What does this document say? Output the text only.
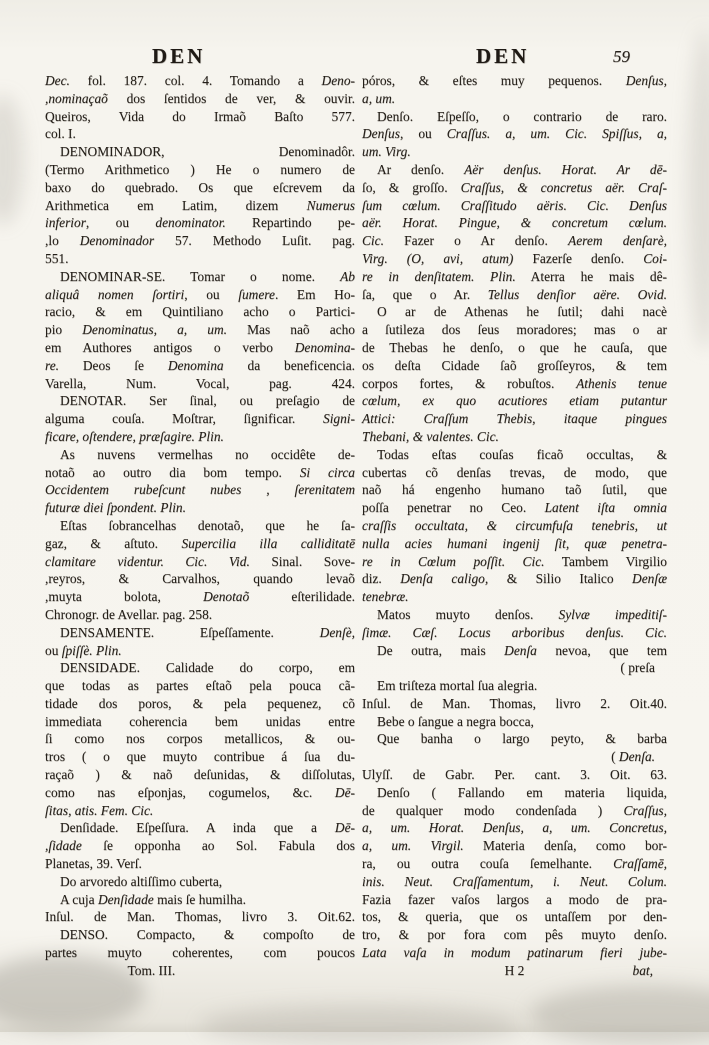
DEN	DEN	59
Dec. fol. 187. col. 4. Tomando a Deno-
,nominaçaõ dos ſentidos de ver, & ouvir.
Queiros, Vida do Irmaõ Baſto 577.
col. I.
DENOMINADOR, Denominadôr.
(Termo Arithmetico ) He o numero de
baxo do quebrado. Os que eſcrevem da
Arithmetica em Latim, dizem Numerus
inferior, ou denominator. Repartindo pe-
,lo Denominador 57. Methodo Luſit. pag.
551.
DENOMINAR-SE. Tomar o nome. Ab
aliquâ nomen ſortiri, ou ſumere. Em Ho-
racio, & em Quintiliano acho o Partici-
pio Denominatus, a, um. Mas naõ acho
em Authores antigos o verbo Denomina-
re. Deos ſe Denomina da beneficencia.
Varella, Num. Vocal, pag. 424.
DENOTAR. Ser ſinal, ou preſagio de
alguma couſa. Moſtrar, ſignificar. Signi-
ficare, oſtendere, præſagire. Plin.
As nuvens vermelhas no occidête de-
notaõ ao outro dia bom tempo. Si circa
Occidentem rubeſcunt nubes , ſerenitatem
futuræ diei ſpondent. Plin.
Eſtas ſobrancelhas denotaõ, que he ſa-
gaz, & aſtuto. Supercilia illa calliditatē
clamitare videntur. Cic. Vid. Sinal. Sove-
,reyros, & Carvalhos, quando levaõ
,muyta bolota, Denotaõ eſterilidade.
Chronogr. de Avellar. pag. 258.
DENSAMENTE. Eſpeſſamente. Denſè,
ou ſpiſſè. Plin.
DENSIDADE. Calidade do corpo, em
que todas as partes eſtaõ pela pouca cã-
tidade dos poros, & pela pequenez, cõ
immediata coherencia bem unidas entre
ſi como nos corpos metallicos, & ou-
tros ( o que muyto contribue á ſua du-
raçaõ ) & naõ deſunidas, & diſſolutas,
como nas eſponjas, cogumelos, &c. Dē-
ſitas, atis. Fem. Cic.
Denſidade. Eſpeſſura. A inda que a Dē-
,ſidade ſe opponha ao Sol. Fabula dos
Planetas, 39. Verſ.
Do arvoredo altiſſimo cuberta,
A cuja Denſidade mais ſe humilha.
Inſul. de Man. Thomas, livro 3. Oit.62.
DENSO. Compacto, & compoſto de
partes muyto coherentes, com poucos
Tom. III.
póros, & eſtes muy pequenos. Denſus,
a, um.
Denſo. Eſpeſſo, o contrario de raro.
Denſus, ou Craſſus. a, um. Cic. Spiſſus, a,
um. Virg.
Ar denſo. Aër denſus. Horat. Ar dē-
ſo, & groſſo. Craſſus, & concretus aër. Craſ-
ſum cœlum. Craſſitudo aëris. Cic. Denſus
aër. Horat. Pingue, & concretum cœlum.
Cic. Fazer o Ar denſo. Aerem denſarè,
Virg. (O, avi, atum) Fazerſe denſo. Coi-
re in denſitatem. Plin. Aterra he mais dê-
ſa, que o Ar. Tellus denſior aëre. Ovid.
O ar de Athenas he ſutil; dahi nacè
a ſutileza dos ſeus moradores; mas o ar
de Thebas he denſo, o que he cauſa, que
os deſta Cidade ſaõ groſſeyros, & tem
corpos fortes, & robuſtos. Athenis tenue
cœlum, ex quo acutiores etiam putantur
Attici: Craſſum Thebis, itaque pingues
Thebani, & valentes. Cic.
Todas eſtas couſas ficaõ occultas, &
cubertas cõ denſas trevas, de modo, que
naõ há engenho humano taõ ſutil, que
poſſa penetrar no Ceo. Latent iſta omnia
craſſis occultata, & circumfuſa tenebris, ut
nulla acies humani ingenij ſit, quæ penetra-
re in Cœlum poſſit. Cic. Tambem Virgilio
diz. Denſa caligo, & Silio Italico Denſæ
tenebræ.
Matos muyto denſos. Sylvæ impeditiſ-
ſimæ. Cæſ. Locus arboribus denſus. Cic.
De outra, mais Denſa nevoa, que tem
( preſa
Em triſteza mortal ſua alegria.
Inſul. de Man. Thomas, livro 2. Oit.40.
Bebe o ſangue a negra bocca,
Que banha o largo peyto, & barba
( Denſa.
Ulyſſ. de Gabr. Per. cant. 3. Oit. 63.
Denſo ( Fallando em materia liquida,
de qualquer modo condenſada ) Craſſus,
a, um. Horat. Denſus, a, um. Concretus,
a, um. Virgil. Materia denſa, como bor-
ra, ou outra couſa ſemelhante. Craſſamē,
inis. Neut. Craſſamentum, i. Neut. Colum.
Fazia fazer vaſos largos a modo de pra-
tos, & queria, que os untaſſem por den-
tro, & por fora com pês muyto denſo.
Lata vaſa in modum patinarum fieri jube-
H 2	bat,
